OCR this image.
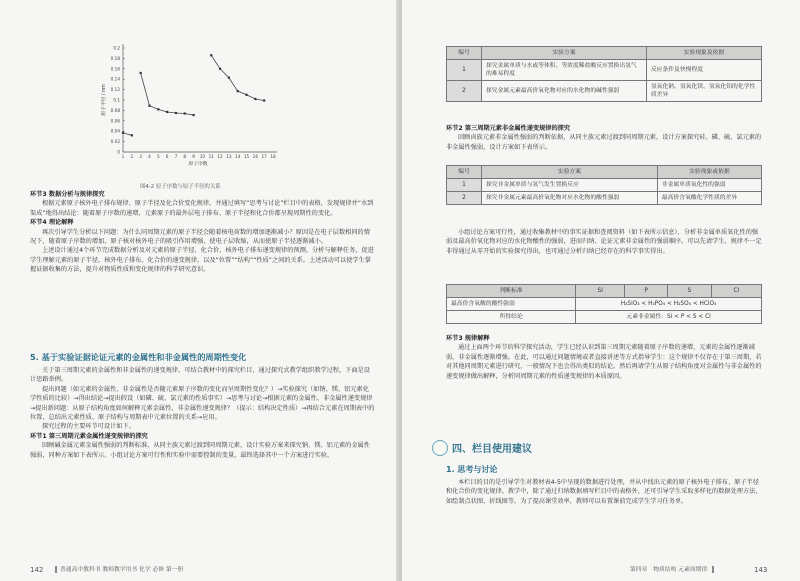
0.2
0.18
0.16
0.14
0.12
0.1
0.08
0.06
0.04
0.02
0
1 2 3 4 5 6 7 8 9 10 11 12 13 14 15 16 17 18
原子序数
原子半径 / nm
图4-2 原子序数与原子半径的关系

环节3 数据分析与规律探究

根据元素原子核外电子排布规律、原子半径及化合价变化规律，并通过填写“思考与讨论”栏目中的表格，发现规律并“水到渠成”地得出结论：随着原子序数的递增，元素原子的最外层电子排布、原子半径和化合价都呈现周期性的变化。

环节4 理论解释

再次引导学生分析以下问题：为什么同周期元素的原子半径会随着核电荷数的增加逐渐减小？原因是在电子层数相同的情况下，随着原子序数的增加，原子核对核外电子的吸引作用增强，使电子层收缩，从而使原子半径逐渐减小。

上述设计通过4个环节完成数据分析及对元素的原子半径、化合价、核外电子排布递变规律的预测、分析与解释任务，促进学生理解元素的原子半径、核外电子排布、化合价的递变规律，以及“位置”“结构”“性质”之间的关系。上述活动可以使学生掌握证据收集的方法，提升对物质性质和变化规律的科学研究意识。

5. 基于实验证据论证元素的金属性和非金属性的周期性变化

关于第三周期元素的金属性和非金属性的递变规律，可结合教材中的探究栏目，通过探究式教学组织教学过程，下面是设计思路举例。

提出问题（如元素的金属性、非金属性是否随元素原子序数的变化而呈周期性变化？）→实验探究（如钠、镁、铝元素化学性质的比较）→得出结论→提出假设（如磷、硫、氯元素的性质事实）→思考与讨论→根据元素的金属性、非金属性递变规律→提出新问题：从原子结构角度如何解释元素金属性、非金属性递变规律？（提示：结构决定性质）→再结合元素在周期表中的位置，总结出元素性质、原子结构与周期表中元素位置的关系→应用。

探究过程的主要环节可设计如下。

环节1 第三周期元素金属性递变规律的探究

回顾碱金属元素金属性强弱的判断标准，从同主族元素过渡到同周期元素，设计实验方案来探究钠、镁、铝元素的金属性强弱，同种方案如下表所示。小组讨论方案可行性和实验中需要控制的变量，最终选择其中一个方案进行实验。

142	普通高中教科书 教师教学用书 化学 必修 第一册
编号	实验方案	实验现象及依据
1	探究金属单质与水或等体积、等浓度稀盐酸反应置换出氢气的难易程度	反应条件及快慢程度
2	探究金属元素最高价氧化物对应的水化物的碱性强弱	氢氧化钠、氢氧化镁、氢氧化铝的化学性质差异

环节2 第三周期元素非金属性递变规律的探究

回顾卤族元素非金属性强弱的判断依据，从同主族元素过渡到同周期元素，设计方案探究硅、磷、硫、氯元素的非金属性强弱，设计方案如下表所示。

编号	实验方案	实验现象或依据
1	探究非金属单质与氢气发生置换反应	非金属单质氧化性的强弱
2	探究非金属元素最高价氧化物对应水化物的酸性强弱	最高价含氧酸化学性质的差异

小组讨论方案可行性，通过收集教材中的事实证据和查阅资料（如下表所示信息），分析非金属单质氧化性的强弱及最高价氧化物对应的水化物酸性的强弱，进而归纳、论证元素非金属性的强弱顺序。可以先请学生、规律不一定非得通过从零开始的实验探究得出，也可通过分析归纳已经存在的科学事实得出。

判断标准	Si	P	S	Cl
最高价含氧酸的酸性强弱	H₂SiO₃ < H₃PO₄ < H₂SO₄ < HClO₄			
所得结论	元素非金属性：Si < P < S < Cl			

环节3 规律解释

通过上面两个环节的科学探究活动，学生已经认识到第三周期元素随着原子序数的递增，元素的金属性逐渐减弱，非金属性逐渐增强。在此，可以通过问题情境或者直接讲述等方式指导学生：这个规律不仅存在于第三周期，若对其他同周期元素进行研究，一般情况下也会得出类似的结论。然后再请学生从原子结构角度对金属性与非金属性的递变规律做出解释，分析同周期元素的性质递变规律的本质原因。

四、栏目使用建议
1. 思考与讨论

本栏目的目的是引导学生对教材表4-5中呈现的数据进行处理，并从中找出元素的原子核外电子排布、原子半径和化合价的变化规律。教学中，除了通过归纳数据填写栏目中的表格外，还可引导学生采取多样化的数据处理方法，如绘制点状图、折线图等，为了提高课堂效率，教师可以布置课前完成学生学习任务单。

第四章 物质结构 元素周期律	143
